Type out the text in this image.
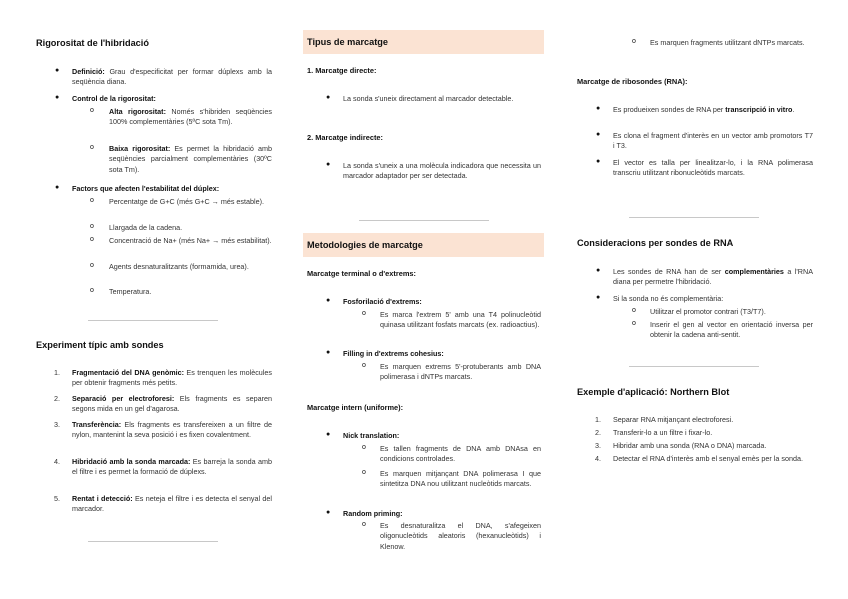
Rigorositat de l'hibridació
● Definició: Grau d'especificitat per formar dúplexs amb la seqüència diana.
● Control de la rigorositat:
o Alta rigorositat: Només s'hibriden seqüències 100% complementàries (5ºC sota Tm).
o Baixa rigorositat: Es permet la hibridació amb seqüències parcialment complementàries (30ºC sota Tm).
● Factors que afecten l'estabilitat del dúplex:
o Percentatge de G+C (més G+C → més estable).
o Llargada de la cadena.
o Concentració de Na+ (més Na+ → més estabilitat).
o Agents desnaturalitzants (formamida, urea).
o Temperatura.
Experiment típic amb sondes
1. Fragmentació del DNA genòmic: Es trenquen les molècules per obtenir fragments més petits.
2. Separació per electroforesi: Els fragments es separen segons mida en un gel d'agarosa.
3. Transferència: Els fragments es transfereixen a un filtre de nylon, mantenint la seva posició i es fixen covalentment.
4. Hibridació amb la sonda marcada: Es barreja la sonda amb el filtre i es permet la formació de dúplexs.
5. Rentat i detecció: Es neteja el filtre i es detecta el senyal del marcador.
Tipus de marcatge
1. Marcatge directe:
● La sonda s'uneix directament al marcador detectable.
2. Marcatge indirecte:
● La sonda s'uneix a una molècula indicadora que necessita un marcador adaptador per ser detectada.
Metodologies de marcatge
Marcatge terminal o d'extrems:
● Fosforilació d'extrems:
o Es marca l'extrem 5' amb una T4 polinucleòtid quinasa utilitzant fosfats marcats (ex. radioactius).
● Filling in d'extrems cohesius:
o Es marquen extrems 5'-protuberants amb DNA polimerasa i dNTPs marcats.
Marcatge intern (uniforme):
● Nick translation:
o Es tallen fragments de DNA amb DNAsa en condicions controlades.
o Es marquen mitjançant DNA polimerasa I que sintetitza DNA nou utilitzant nucleòtids marcats.
● Random priming:
o Es desnaturalitza el DNA, s'afegeixen oligonucleòtids aleatoris (hexanucleòtids) i Klenow.
o Es marquen fragments utilitzant dNTPs marcats.
Marcatge de ribosondes (RNA):
● Es produeixen sondes de RNA per transcripció in vitro.
● Es clona el fragment d'interès en un vector amb promotors T7 i T3.
● El vector es talla per linealitzar-lo, i la RNA polimerasa transcriu utilitzant ribonucleòtids marcats.
Consideracions per sondes de RNA
● Les sondes de RNA han de ser complementàries a l'RNA diana per permetre l'hibridació.
● Si la sonda no és complementària:
o Utilitzar el promotor contrari (T3/T7).
o Inserir el gen al vector en orientació inversa per obtenir la cadena anti-sentit.
Exemple d'aplicació: Northern Blot
1. Separar RNA mitjançant electroforesi.
2. Transferir-lo a un filtre i fixar-lo.
3. Hibridar amb una sonda (RNA o DNA) marcada.
4. Detectar el RNA d'interès amb el senyal emès per la sonda.
